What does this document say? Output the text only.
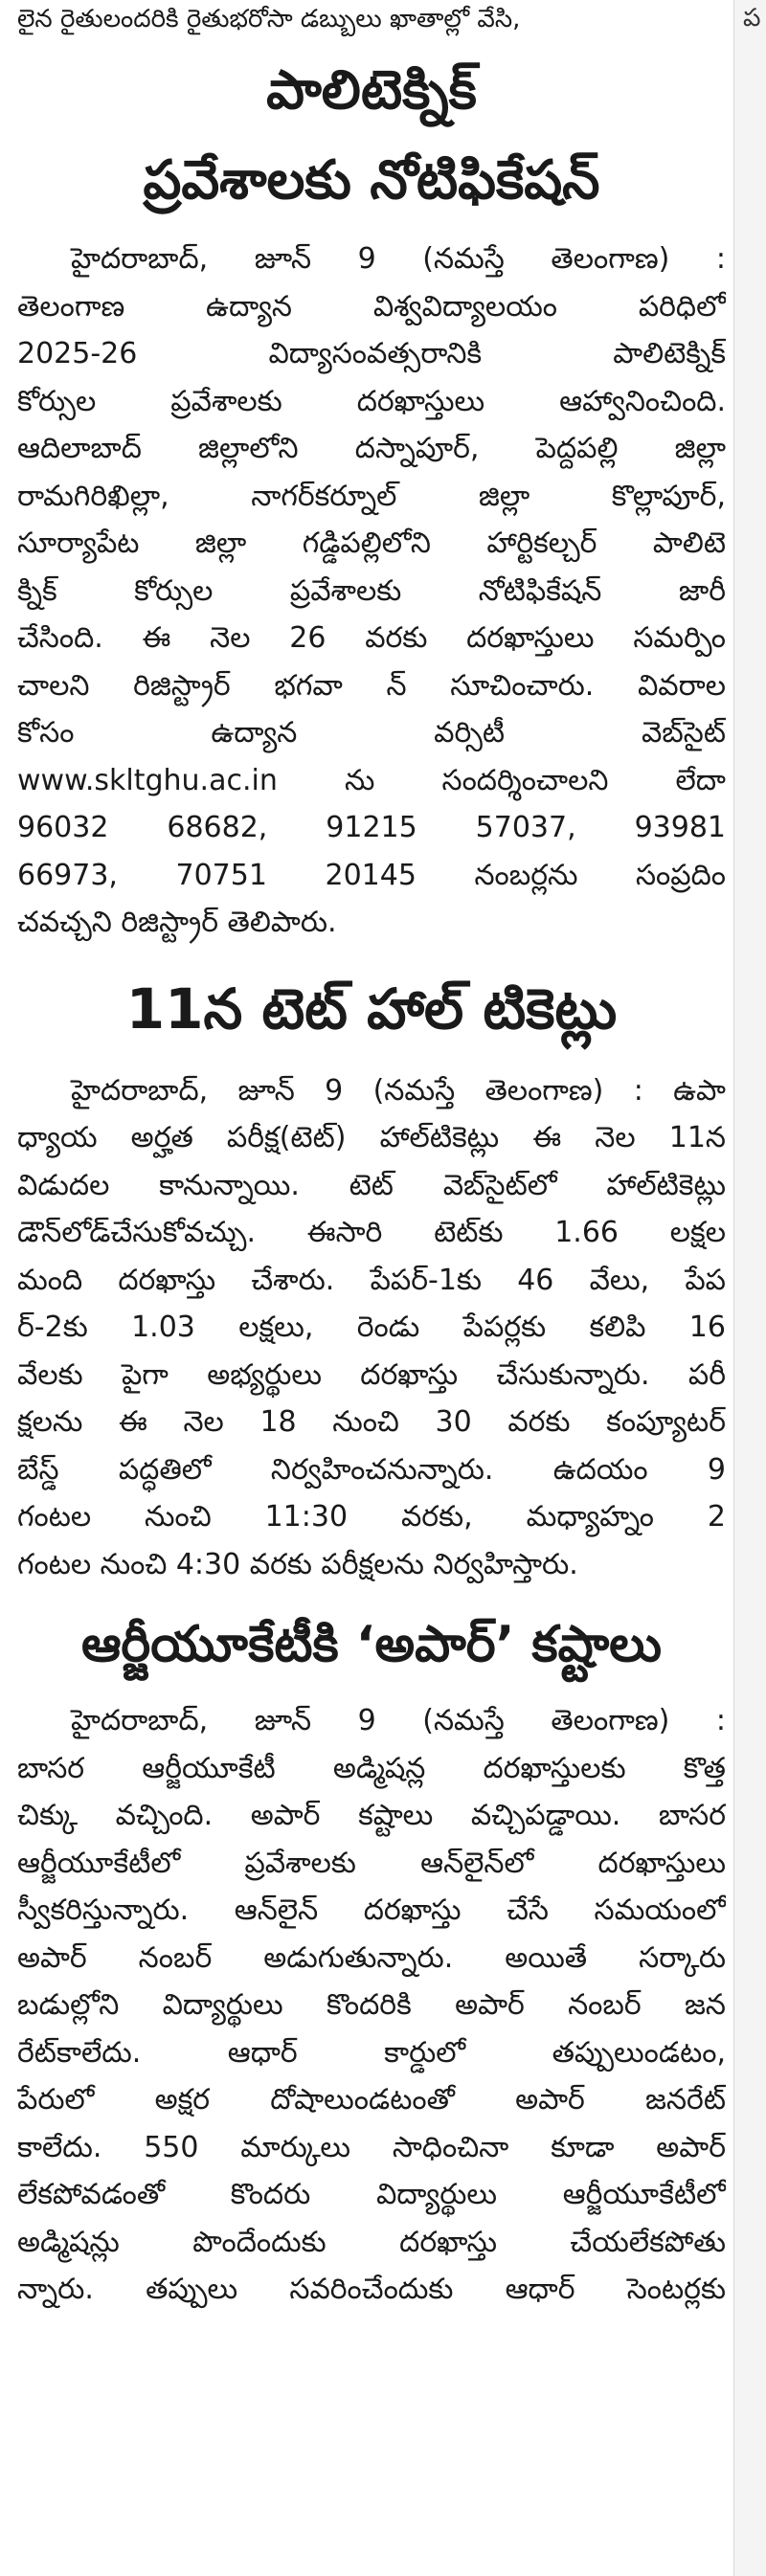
ప
లైన రైతులందరికి రైతుభరోసా డబ్బులు ఖాతాల్లో వేసి,
పాలిటెక్నిక్
ప్రవేశాలకు నోటిఫికేషన్
హైదరాబాద్, జూన్ 9 (నమస్తే తెలంగాణ) :
తెలంగాణ ఉద్యాన విశ్వవిద్యాలయం పరిధిలో
2025-26 విద్యాసంవత్సరానికి పాలిటెక్నిక్
కోర్సుల ప్రవేశాలకు దరఖాస్తులు ఆహ్వానించింది.
ఆదిలాబాద్ జిల్లాలోని దస్నాపూర్, పెద్దపల్లి జిల్లా
రామగిరిఖిల్లా, నాగర్‌కర్నూల్ జిల్లా కొల్లాపూర్,
సూర్యాపేట జిల్లా గడ్డిపల్లిలోని హార్టికల్చర్ పాలిటె
క్నిక్ కోర్సుల ప్రవేశాలకు నోటిఫికేషన్ జారీ
చేసింది. ఈ నెల 26 వరకు దరఖాస్తులు సమర్పిం
చాలని రిజిస్ట్రార్ భగవా న్ సూచించారు. వివరాల
కోసం ఉద్యాన వర్సిటీ వెబ్‌సైట్
www.skltghu.ac.in ను సందర్శించాలని లేదా
96032 68682, 91215 57037, 93981
66973, 70751 20145 నంబర్లను సంప్రదిం
చవచ్చని రిజిస్ట్రార్ తెలిపారు.
11న టెట్ హాల్ టికెట్లు
హైదరాబాద్, జూన్ 9 (నమస్తే తెలంగాణ) : ఉపా
ధ్యాయ అర్హత పరీక్ష(టెట్) హాల్‌టికెట్లు ఈ నెల 11న
విడుదల కానున్నాయి. టెట్ వెబ్‌సైట్‌లో హాల్‌టికెట్లు
డౌన్‌లోడ్‌చేసుకోవచ్చు. ఈసారి టెట్‌కు 1.66 లక్షల
మంది దరఖాస్తు చేశారు. పేపర్-1కు 46 వేలు, పేప
ర్-2కు 1.03 లక్షలు, రెండు పేపర్లకు కలిపి 16
వేలకు పైగా అభ్యర్థులు దరఖాస్తు చేసుకున్నారు. పరీ
క్షలను ఈ నెల 18 నుంచి 30 వరకు కంప్యూటర్
బేస్డ్ పద్ధతిలో నిర్వహించనున్నారు. ఉదయం 9
గంటల నుంచి 11:30 వరకు, మధ్యాహ్నం 2
గంటల నుంచి 4:30 వరకు పరీక్షలను నిర్వహిస్తారు.
ఆర్జీయూకేటీకి ‘అపార్’ కష్టాలు
హైదరాబాద్, జూన్ 9 (నమస్తే తెలంగాణ) :
బాసర ఆర్జీయూకేటీ అడ్మిషన్ల దరఖాస్తులకు కొత్త
చిక్కు వచ్చింది. అపార్ కష్టాలు వచ్చిపడ్డాయి. బాసర
ఆర్జీయూకేటీలో ప్రవేశాలకు ఆన్‌లైన్‌లో దరఖాస్తులు
స్వీకరిస్తున్నారు. ఆన్‌లైన్ దరఖాస్తు చేసే సమయంలో
అపార్ నంబర్ అడుగుతున్నారు. అయితే సర్కారు
బడుల్లోని విద్యార్థులు కొందరికి అపార్ నంబర్ జన
రేట్‌కాలేదు. ఆధార్ కార్డులో తప్పులుండటం,
పేరులో అక్షర దోషాలుండటంతో అపార్ జనరేట్
కాలేదు. 550 మార్కులు సాధించినా కూడా అపార్
లేకపోవడంతో కొందరు విద్యార్థులు ఆర్జీయూకేటీలో
అడ్మిషన్లు పొందేందుకు దరఖాస్తు చేయలేకపోతు
న్నారు. తప్పులు సవరించేందుకు ఆధార్ సెంటర్లకు
